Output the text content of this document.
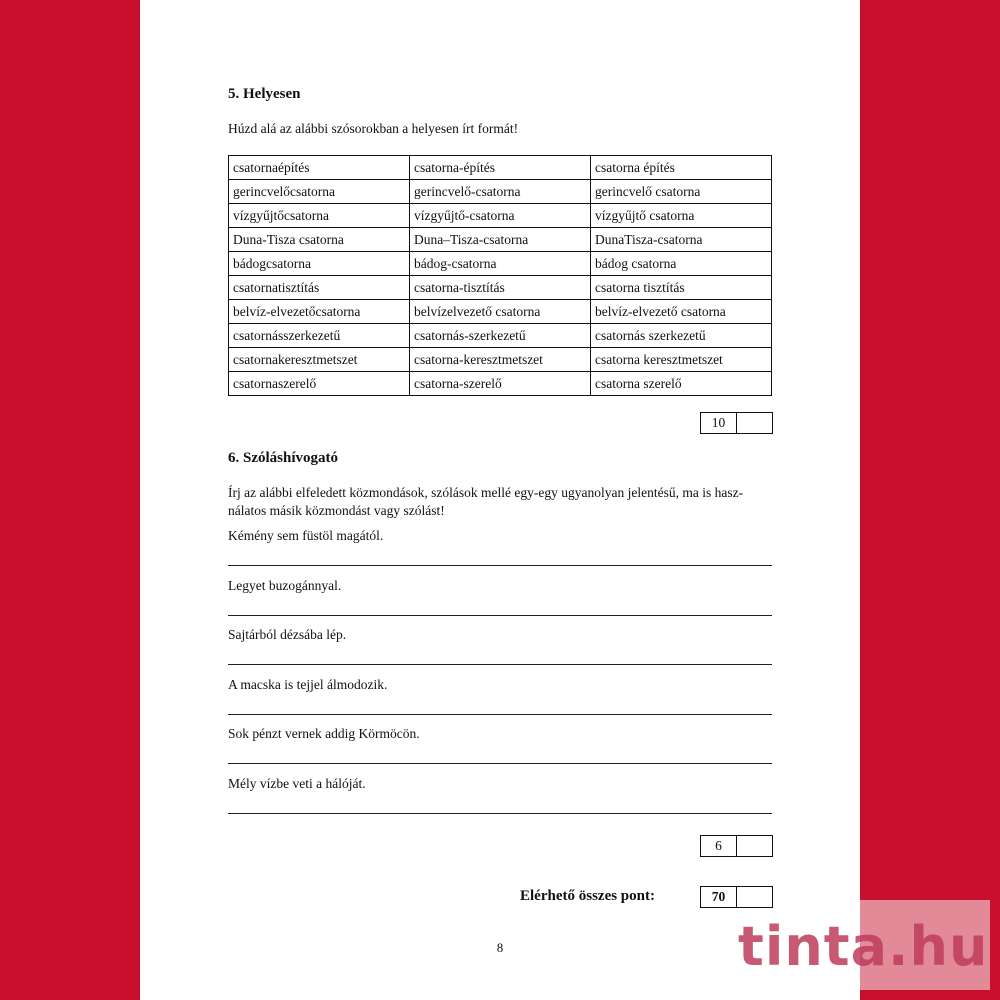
5. Helyesen
Húzd alá az alábbi szósorokban a helyesen írt formát!
csatornaépítés	csatorna-építés	csatorna építés
gerincvelőcsatorna	gerincvelő-csatorna	gerincvelő csatorna
vízgyűjtőcsatorna	vízgyűjtő-csatorna	vízgyűjtő csatorna
Duna-Tisza csatorna	Duna–Tisza-csatorna	DunaTisza-csatorna
bádogcsatorna	bádog-csatorna	bádog csatorna
csatornatisztítás	csatorna-tisztítás	csatorna tisztítás
belvíz-elvezetőcsatorna	belvízelvezető csatorna	belvíz-elvezető csatorna
csatornásszerkezetű	csatornás-szerkezetű	csatornás szerkezetű
csatornakeresztmetszet	csatorna-keresztmetszet	csatorna keresztmetszet
csatornaszerelő	csatorna-szerelő	csatorna szerelő
10
6. Szóláshívogató
Írj az alábbi elfeledett közmondások, szólások mellé egy-egy ugyanolyan jelentésű, ma is hasz-
nálatos másik közmondást vagy szólást!
Kémény sem füstöl magától.
Legyet buzogánnyal.
Sajtárból dézsába lép.
A macska is tejjel álmodozik.
Sok pénzt vernek addig Körmöcön.
Mély vízbe veti a hálóját.
6
Elérhető összes pont:	70
8	tinta.hu
